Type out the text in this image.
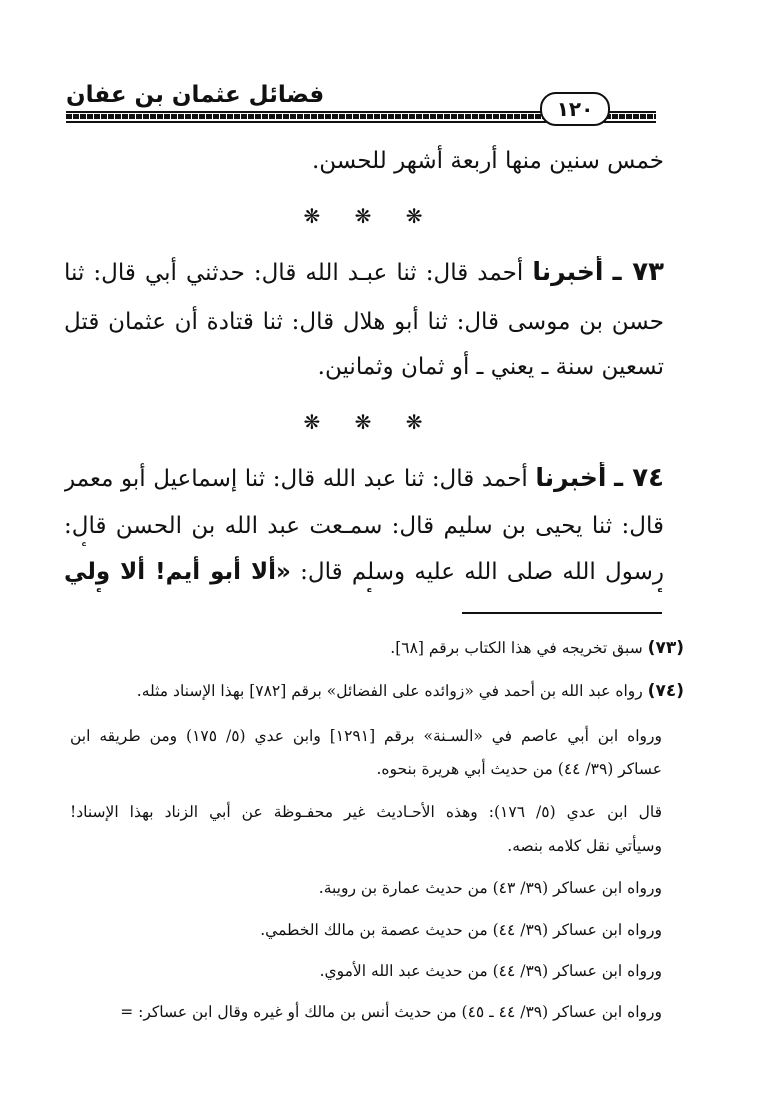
فضائل عثمان بن عفان
١٢٠
خمس سنين منها أربعة أشهر للحسن.
❋ ❋ ❋
٧٣ ـ أخبرنا أحمد قال: ثنا عبـد الله قال: حدثني أبي قال: ثنا
حسن بن موسى قال: ثنا أبو هلال قال: ثنا قتادة أن عثمان قتل
تسعين سنة ـ يعني ـ أو ثمان وثمانين.
❋ ❋ ❋
٧٤ ـ أخبرنا أحمد قال: ثنا عبد الله قال: ثنا إسماعيل أبو معمر
قال: ثنا يحيى بن سليم قال: سمـعت عبد الله بن الحسن قال:
رسول الله صلى الله عليه وسلم قال: «ألا أبو أيم! ألا ولي
(٧٣) سبق تخريجه في هذا الكتاب برقم [٦٨].
(٧٤) رواه عبد الله بن أحمد في «زوائده على الفضائل» برقم [٧٨٢] بهذا الإسناد مثله.
ورواه ابن أبي عاصم في «السـنة» برقم [١٢٩١] وابن عدي (٥/ ١٧٥) ومن طريقه ابن
عساكر (٣٩/ ٤٤) من حديث أبي هريرة بنحوه.
قال ابن عدي (٥/ ١٧٦): وهذه الأحـاديث غير محفـوظة عن أبي الزناد بهذا الإسناد!
وسيأتي نقل كلامه بنصه.
ورواه ابن عساكر (٣٩/ ٤٣) من حديث عمارة بن رويبة.
ورواه ابن عساكر (٣٩/ ٤٤) من حديث عصمة بن مالك الخطمي.
ورواه ابن عساكر (٣٩/ ٤٤) من حديث عبد الله الأموي.
ورواه ابن عساكر (٣٩/ ٤٤ ـ ٤٥) من حديث أنس بن مالك أو غيره وقال ابن عساكر: =
